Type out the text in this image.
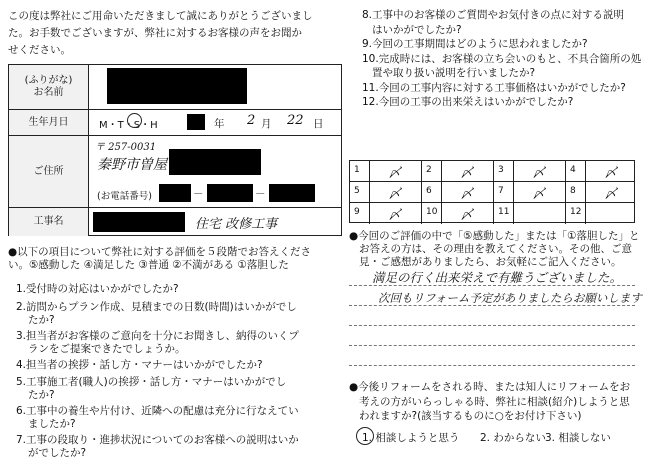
この度は弊社にご用命いただきまして誠にありがとうございまし
た。お手数でございますが、弊社に対するお客様の声をお聞か
せください。
(ふりがな)
お名前
生年月日	M・T・S・H	年 2 月 22 日
ご住所
〒 257-0031
秦野市曽屋
(お電話番号)	－	－
工事名	住宅 改修工事
●以下の項目について弊社に対する評価を５段階でお答えくださ
い。⑤感動した ④満足した ③普通 ②不満がある ①落胆した
1.受付時の対応はいかがでしたか?
2.訪問からプラン作成、見積までの日数(時間)はいかがでし
たか?
3.担当者がお客様のご意向を十分にお聞きし、納得のいくプ
ランをご提案できたでしょうか。
4.担当者の挨拶・話し方・マナーはいかがでしたか?
5.工事施工者(職人)の挨拶・話し方・マナーはいかがでし
たか?
6.工事中の養生や片付け、近隣への配慮は充分に行なえてい
ましたか?
7.工事の段取り・進捗状況についてのお客様への説明はいか
がでしたか?
8.工事中のお客様のご質問やお気付きの点に対する説明
はいかがでしたか?
9.今回の工事期間はどのように思われましたか?
10.完成時には、お客様の立ち会いのもと、不具合箇所の処
置や取り扱い説明を行いましたか?
11.今回の工事内容に対する工事価格はいかがでしたか?
12.今回の工事の出来栄えはいかがでしたか?
1 〆	2 〆	3 〆	4 〆
5 〆	6 〆	7 〆	8 〆
9 〆	10 〆	11	12
●今回のご評価の中で「⑤感動した」または「①落胆した」と
お答えの方は、その理由を教えてください。その他、ご意
見・ご感想がありましたら、お気軽にご記入ください。
満足の行く出来栄えで有難うございました。
次回もリフォーム予定がありましたらお願いします
●今後リフォームをされる時、または知人にリフォームをお
考えの方がいらっしゃる時、弊社に相談(紹介)しようと思
われますか?(該当するものに○をお付け下さい)
1. 相談しようと思う 2. わからない 3. 相談しない
